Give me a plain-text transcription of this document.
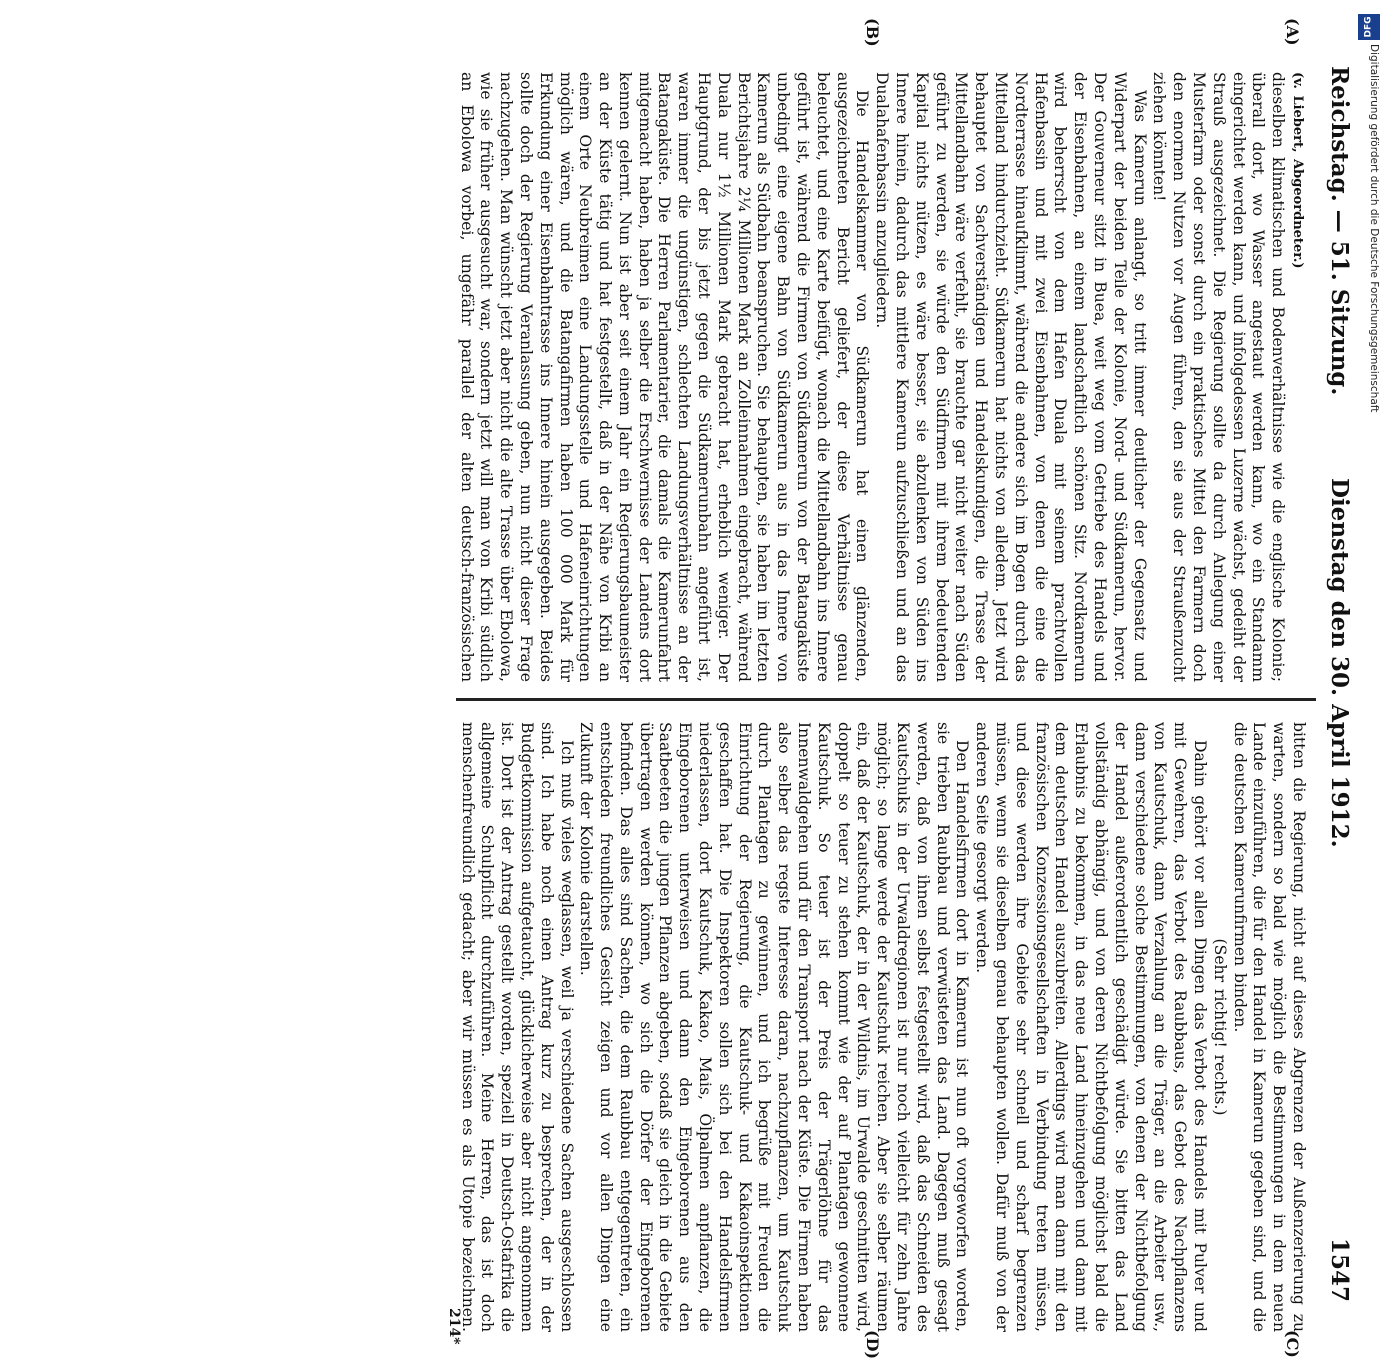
Reichstag. — 51. Sitzung.
Dienstag den 30. April 1912.
1547
(A)
(B)
(C)
(D)

(v. Liebert, Abgeordneter.)

dieselben klimatischen und Bodenverhältnisse wie die englische Kolonie; überall dort, wo Wasser angestaut werden kann, wo ein Standamm eingerichtet werden kann, und infolgedessen Luzerne wächst, gedeiht der Strauß ausgezeichnet. Die Regierung sollte da durch Anlegung einer Musterfarm oder sonst durch ein praktisches Mittel den Farmern doch den enormen Nutzen vor Augen führen, den sie aus der Straußenzucht ziehen könnten!

Was Kamerun anlangt, so tritt immer deutlicher der Gegensatz und Widerpart der beiden Teile der Kolonie, Nord- und Südkamerun, hervor. Der Gouverneur sitzt in Buea, weit weg vom Getriebe des Handels und der Eisenbahnen, an einem landschaftlich schönen Sitz. Nordkamerun wird beherrscht von dem Hafen Duala mit seinem prachtvollen Hafenbassin und mit zwei Eisenbahnen, von denen die eine die Nordterrasse hinaufklimmt, während die andere sich im Bogen durch das Mittelland hindurchzieht. Südkamerun hat nichts von alledem. Jetzt wird behauptet von Sachverständigen und Handelskundigen, die Trasse der Mittellandbahn wäre verfehlt, sie brauchte gar nicht weiter nach Süden geführt zu werden, sie würde den Südfirmen mit ihrem bedeutenden Kapital nichts nützen, es wäre besser, sie abzulenken von Süden ins Innere hinein, dadurch das mittlere Kamerun aufzuschließen und an das Dualahafenbassin anzugliedern.

Die Handelskammer von Südkamerun hat einen glänzenden, ausgezeichneten Bericht geliefert, der diese Verhältnisse genau beleuchtet, und eine Karte beifügt, wonach die Mittellandbahn ins Innere geführt ist, während die Firmen von Südkamerun von der Batangaküste unbedingt eine eigene Bahn von Südkamerun aus in das Innere von Kamerun als Südbahn beanspruchen. Sie behaupten, sie haben im letzten Berichtsjahre 2¼ Millionen Mark an Zolleinnahmen eingebracht, während Duala nur 1½ Millionen Mark gebracht hat, erheblich weniger. Der Hauptgrund, der bis jetzt gegen die Südkamerunbahn angeführt ist, waren immer die ungünstigen, schlechten Landungsverhältnisse an der Batangaküste. Die Herren Parlamentarier, die damals die Kamerunfahrt mitgemacht haben, haben ja selber die Erschwernisse der Landens dort kennen gelernt. Nun ist aber seit einem Jahr ein Regierungsbaumeister an der Küste tätig und hat festgestellt, daß in der Nähe von Kribi an einem Orte Neubreimen eine Landungsstelle und Hafeneinrichtungen möglich wären, und die Batangafirmen haben 100 000 Mark für Erkundung einer Eisenbahntrasse ins Innere hinein ausgegeben. Beides sollte doch der Regierung Veranlassung geben, nun nicht dieser Frage nachzugehen. Man wünscht jetzt aber nicht die alte Trasse über Ebolowa, wie sie früher ausgesucht war, sondern jetzt will man von Kribi südlich an Ebolowa vorbei, ungefähr parallel der alten deutsch-französischen

bitten die Regierung, nicht auf dieses Abgrenzen der Außenzerierung zu warten, sondern so bald wie möglich die Bestimmungen in dem neuen Lande einzuführen, die für den Handel in Kamerun gegeben sind, und die die deutschen Kamerunfirmen binden.

(Sehr richtig! rechts.)

Dahin gehört vor allen Dingen das Verbot des Handels mit Pulver und mit Gewehren, das Verbot des Raubbaus, das Gebot des Nachpflanzens von Kautschuk, dann Verzahlung an die Träger, an die Arbeiter usw., dann verschiedene solche Bestimmungen, von denen der Nichtbefolgung der Handel außerordentlich geschädigt würde. Sie bitten das Land vollständig abhängig, und von deren Nichtbefolgung möglichst bald die Erlaubnis zu bekommen, in das neue Land hineinzugehen und dann mit dem deutschen Handel auszubreiten. Allerdings wird man dann mit den französischen Konzessionsgesellschaften in Verbindung treten müssen, und diese werden ihre Gebiete sehr schnell und scharf begrenzen müssen, wenn sie dieselben genau behaupten wollen. Dafür muß von der anderen Seite gesorgt werden.

Den Handelsfirmen dort in Kamerun ist nun oft vorgeworfen worden, sie trieben Raubbau und verwüsteten das Land. Dagegen muß gesagt werden, daß von ihnen selbst festgestellt wird, daß das Schneiden des Kautschuks in der Urwaldregionen ist nur noch vielleicht für zehn Jahre möglich; so lange werde der Kautschuk reichen. Aber sie selber räumen ein, daß der Kautschuk, der in der Wildnis, im Urwalde geschnitten wird, doppelt so teuer zu stehen kommt wie der auf Plantagen gewonnene Kautschuk. So teuer ist der Preis der Trägerlöhne für das Innenwaldgehen und für den Transport nach der Küste. Die Firmen haben also selber das regste Interesse daran, nachzupflanzen, um Kautschuk durch Plantagen zu gewinnen, und ich begrüße mit Freuden die Einrichtung der Regierung, die Kautschuk- und Kakaoinspektionen geschaffen hat. Die Inspektoren sollen sich bei den Handelsfirmen niederlassen, dort Kautschuk, Kakao, Mais, Ölpalmen anpflanzen, die Eingeborenen unterweisen und dann den Eingeborenen aus den Saatbeeten die jungen Pflanzen abgeben, sodaß sie gleich in die Gebiete übertragen werden können, wo sich die Dörfer der Eingeborenen befinden. Das alles sind Sachen, die dem Raubbau entgegentreten, ein entschieden freundliches Gesicht zeigen und vor allen Dingen eine Zukunft der Kolonie darstellen.

Ich muß vieles weglassen, weil ja verschiedene Sachen ausgeschlossen sind. Ich habe noch einen Antrag kurz zu besprechen, der in der Budgetkommission aufgetaucht, glücklicherweise aber nicht angenommen ist. Dort ist der Antrag gestellt worden, speziell in Deutsch-Ostafrika die allgemeine Schulpflicht durchzuführen. Meine Herren, das ist doch menschenfreundlich gedacht; aber wir müssen es als Utopie bezeichnen.

214*
DFG
Digitalisierung gefördert durch die Deutsche Forschungsgemeinschaft
